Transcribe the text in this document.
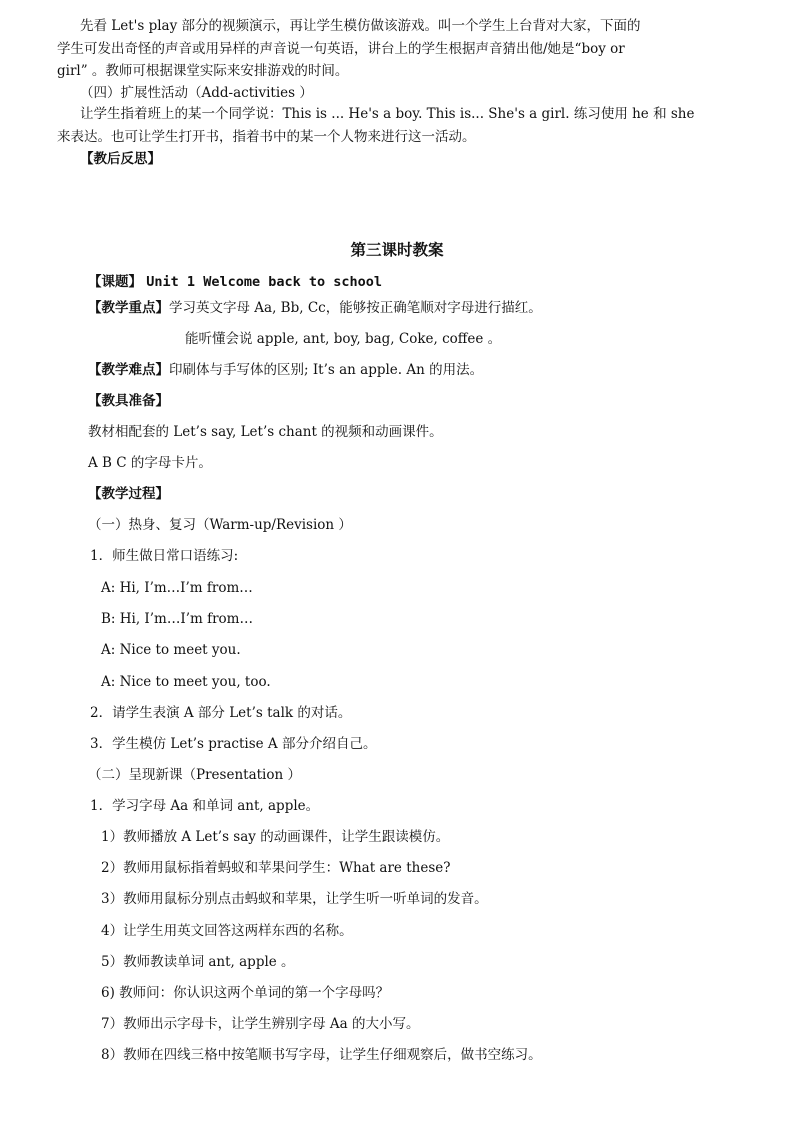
先看 Let's play 部分的视频演示，再让学生模仿做该游戏。叫一个学生上台背对大家，下面的
学生可发出奇怪的声音或用异样的声音说一句英语，讲台上的学生根据声音猜出他/她是“boy or
girl” 。教师可根据课堂实际来安排游戏的时间。
（四）扩展性活动（Add-activities ）
让学生指着班上的某一个同学说：This is ... He's a boy. This is... She's a girl. 练习使用 he 和 she
来表达。也可让学生打开书，指着书中的某一个人物来进行这一活动。
【教后反思】
第三课时教案
【课题】 Unit 1 Welcome back to school
【教学重点】学习英文字母 Aa, Bb, Cc，能够按正确笔顺对字母进行描红。
能听懂会说 apple, ant, boy, bag, Coke, coffee 。
【教学难点】印刷体与手写体的区别; It’s an apple. An 的用法。
【教具准备】
教材相配套的 Let’s say, Let’s chant 的视频和动画课件。
A B C 的字母卡片。
【教学过程】
（一）热身、复习（Warm-up/Revision ）
1．师生做日常口语练习:
A: Hi, I’m…I’m from…
B: Hi, I’m…I’m from…
A: Nice to meet you.
A: Nice to meet you, too.
2．请学生表演 A 部分 Let’s talk 的对话。
3．学生模仿 Let’s practise A 部分介绍自己。
（二）呈现新课（Presentation ）
1．学习字母 Aa 和单词 ant, apple。
1）教师播放 A Let’s say 的动画课件，让学生跟读模仿。
2）教师用鼠标指着蚂蚁和苹果问学生：What are these?
3）教师用鼠标分别点击蚂蚁和苹果，让学生听一听单词的发音。
4）让学生用英文回答这两样东西的名称。
5）教师教读单词 ant, apple 。
6) 教师问：你认识这两个单词的第一个字母吗？
7）教师出示字母卡，让学生辨别字母 Aa 的大小写。
8）教师在四线三格中按笔顺书写字母，让学生仔细观察后，做书空练习。
